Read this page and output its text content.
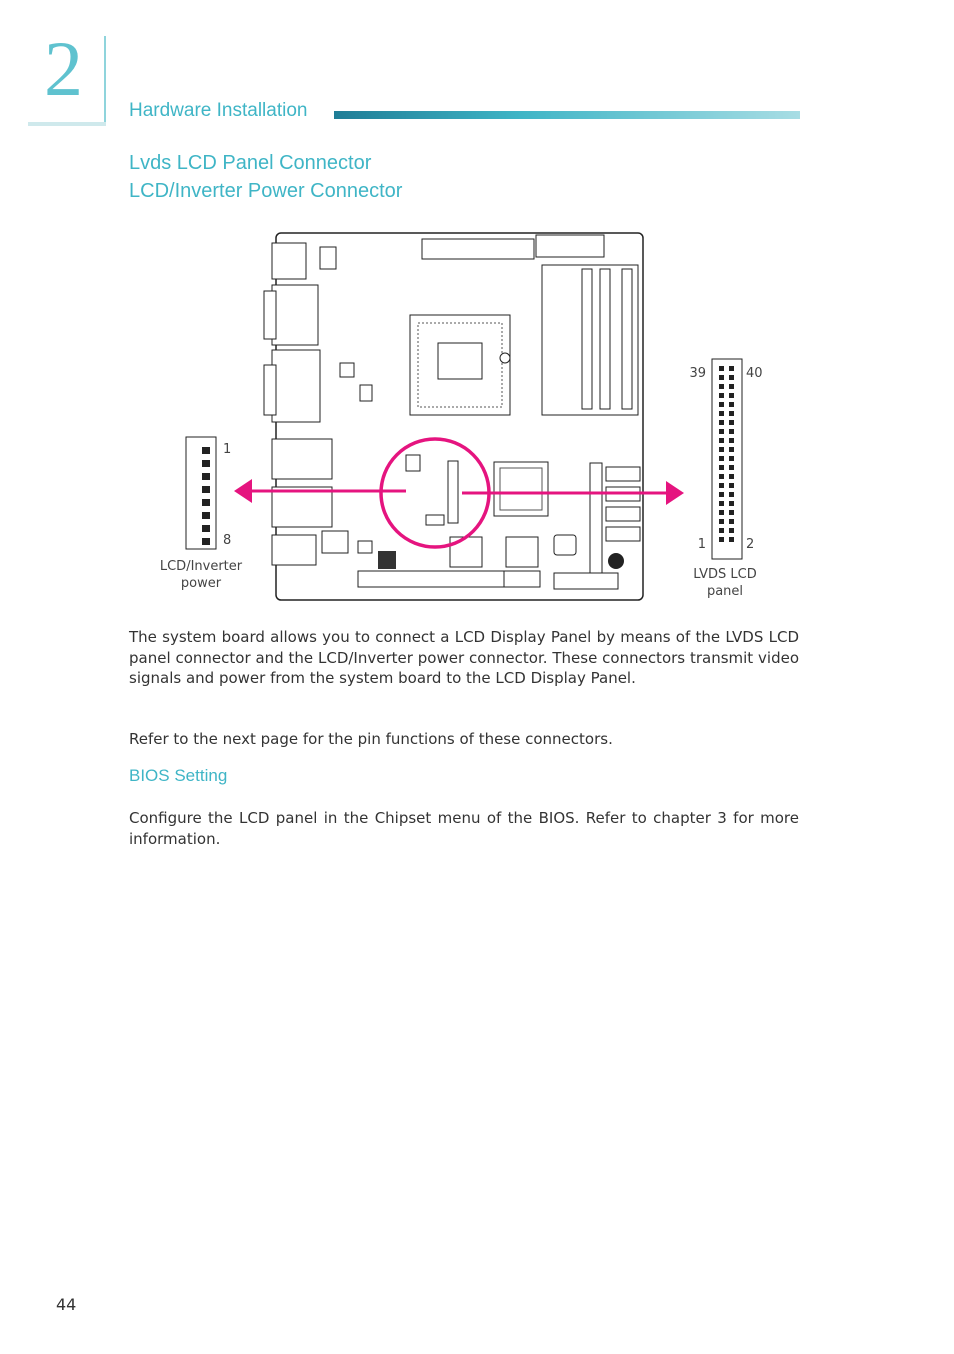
2 Hardware Installation
Lvds LCD Panel Connector
LCD/Inverter Power Connector
1
8
LCD/Inverter
power
39	40
1	2
LVDS LCD
panel
The system board allows you to connect a LCD Display Panel by means of the LVDS LCD panel connector and the LCD/Inverter power connector. These connectors transmit video signals and power from the system board to the LCD Display Panel.
Refer to the next page for the pin functions of these connectors.
BIOS Setting
Configure the LCD panel in the Chipset menu of the BIOS. Refer to chapter 3 for more information.
44
